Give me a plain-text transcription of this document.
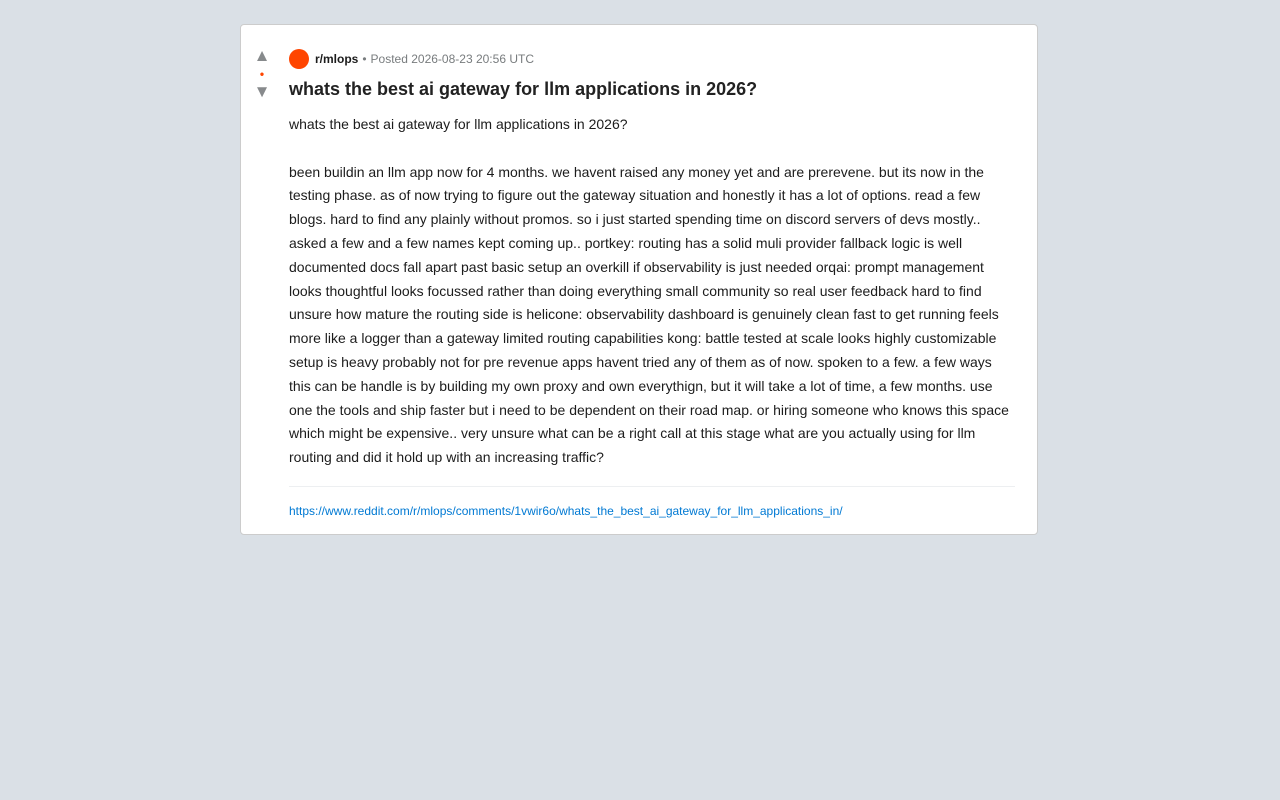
▲
•
▼
r/mlops • Posted 2026-08-23 20:56 UTC
whats the best ai gateway for llm applications in 2026?

whats the best ai gateway for llm applications in 2026?

been buildin an llm app now for 4 months. we havent raised any money yet and are prerevene. but its now in the testing phase. as of now trying to figure out the gateway situation and honestly it has a lot of options. read a few blogs. hard to find any plainly without promos. so i just started spending time on discord servers of devs mostly.. asked a few and a few names kept coming up.. portkey: routing has a solid muli provider fallback logic is well documented docs fall apart past basic setup an overkill if observability is just needed orqai: prompt management looks thoughtful looks focussed rather than doing everything small community so real user feedback hard to find unsure how mature the routing side is helicone: observability dashboard is genuinely clean fast to get running feels more like a logger than a gateway limited routing capabilities kong: battle tested at scale looks highly customizable setup is heavy probably not for pre revenue apps havent tried any of them as of now. spoken to a few. a few ways this can be handle is by building my own proxy and own everythign, but it will take a lot of time, a few months. use one the tools and ship faster but i need to be dependent on their road map. or hiring someone who knows this space which might be expensive.. very unsure what can be a right call at this stage what are you actually using for llm routing and did it hold up with an increasing traffic?

https://www.reddit.com/r/mlops/comments/1vwir6o/whats_the_best_ai_gateway_for_llm_applications_in/
